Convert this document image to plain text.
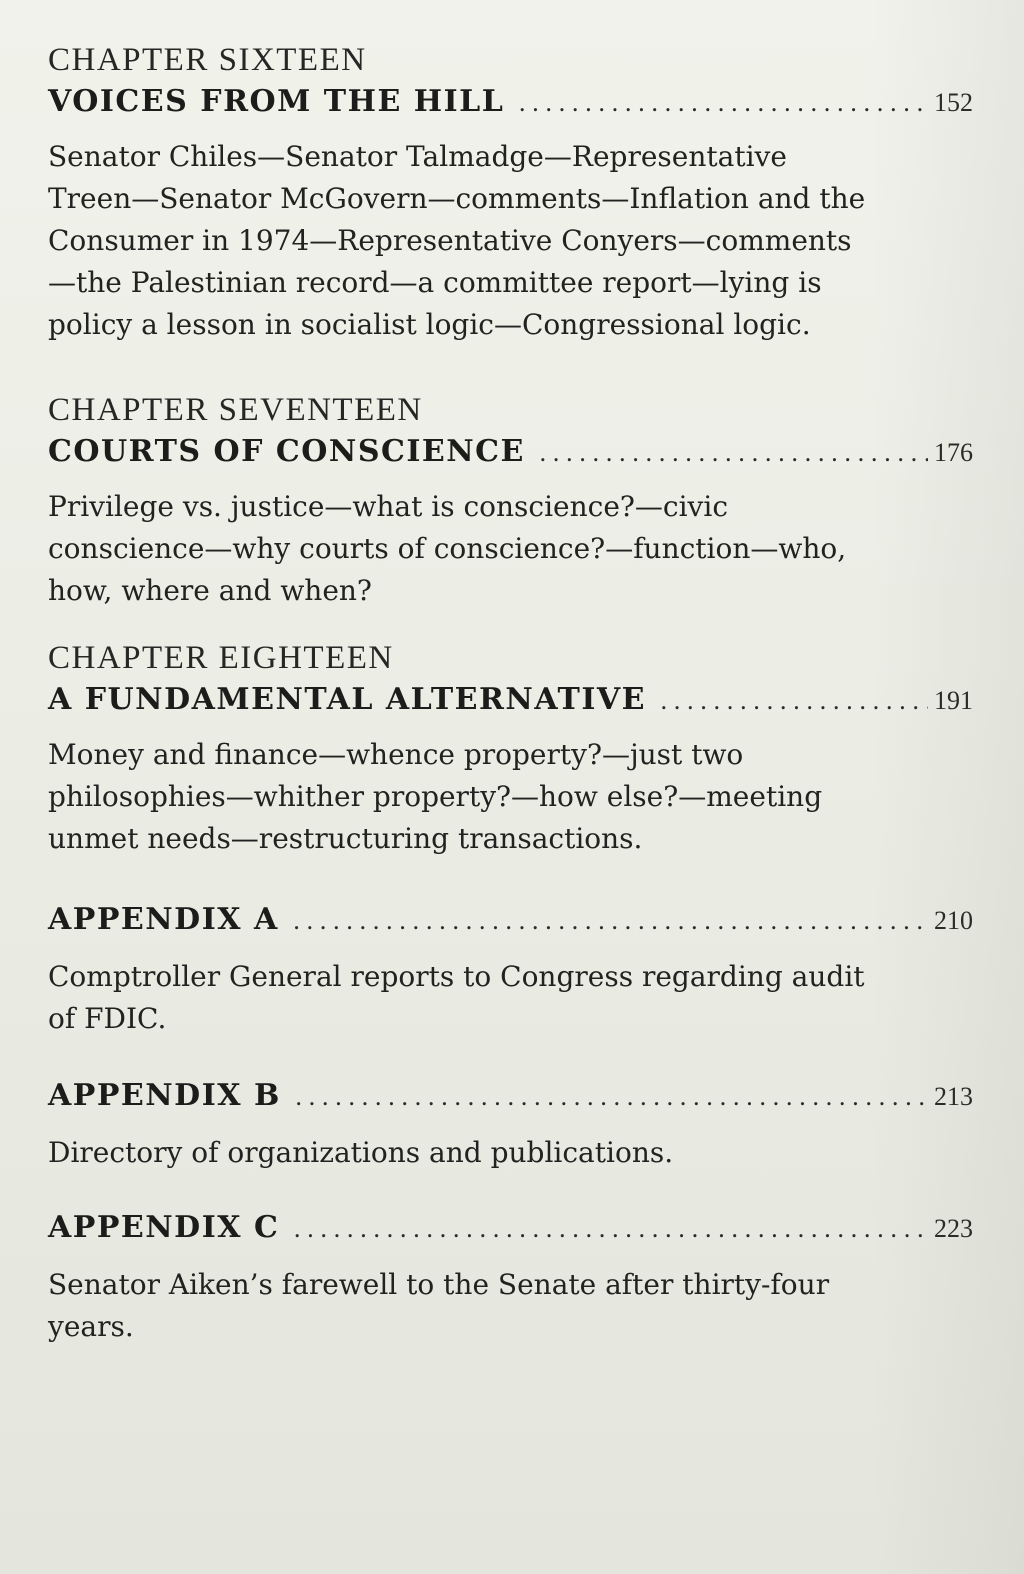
CHAPTER SIXTEEN
VOICES FROM THE HILL . . .	152
Senator Chiles—Senator Talmadge—Representative Treen—Senator McGovern—comments—Inflation and the Consumer in 1974—Representative Conyers—comments—the Palestinian record—a committee report—lying is policy a lesson in socialist logic—Congressional logic.
CHAPTER SEVENTEEN
COURTS OF CONSCIENCE . . .	176
Privilege vs. justice—what is conscience?—civic conscience—why courts of conscience?—function—who, how, where and when?
CHAPTER EIGHTEEN
A FUNDAMENTAL ALTERNATIVE . . .	191
Money and finance—whence property?—just two philosophies—whither property?—how else?—meeting unmet needs—restructuring transactions.
APPENDIX A . . .	210
Comptroller General reports to Congress regarding audit of FDIC.
APPENDIX B . . .	213
Directory of organizations and publications.
APPENDIX C . . .	223
Senator Aiken’s farewell to the Senate after thirty-four years.
